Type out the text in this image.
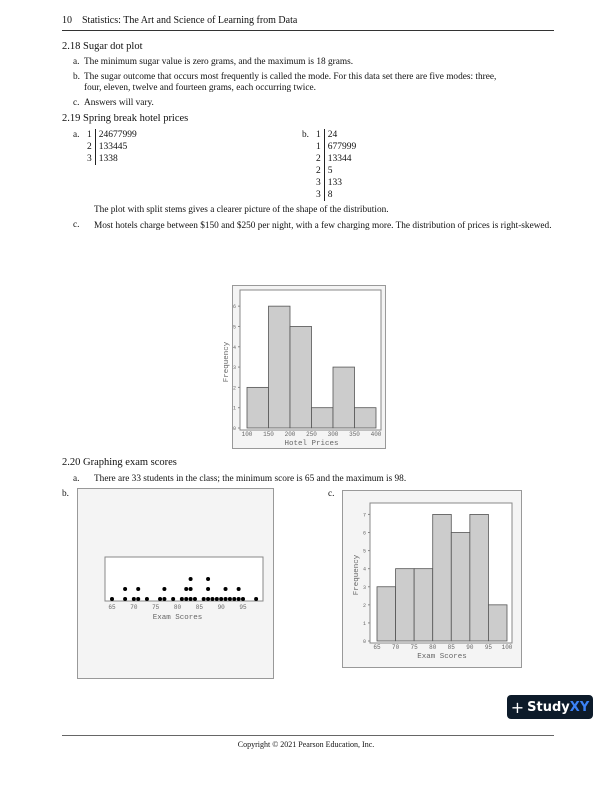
10 Statistics: The Art and Science of Learning from Data
2.18 Sugar dot plot
a. The minimum sugar value is zero grams, and the maximum is 18 grams.
b. The sugar outcome that occurs most frequently is called the mode. For this data set there are five modes: three,
four, eleven, twelve and fourteen grams, each occurring twice.
c. Answers will vary.
2.19 Spring break hotel prices
a. 1	24677999
2	133445
3	1338
b. 1	24
1	677999
2	13344
2	5
3	133
3	8
The plot with split stems gives a clearer picture of the shape of the distribution.
c. Most hotels charge between $150 and $250 per night, with a few charging more. The distribution of prices is right-skewed.
0
1
2
3
4
5
6
100 150 200 250 300 350 400
Hotel Prices
Frequency
2.20 Graphing exam scores
a. There are 33 students in the class; the minimum score is 65 and the maximum is 98.
b.	c.
65 70 75 80 85 90 95
Exam Scores
0
1
2
3
4
5
6
7
65 70 75 80 85 90 95 100
Exam Scores
Frequency
+ Study XY
Copyright © 2021 Pearson Education, Inc.
